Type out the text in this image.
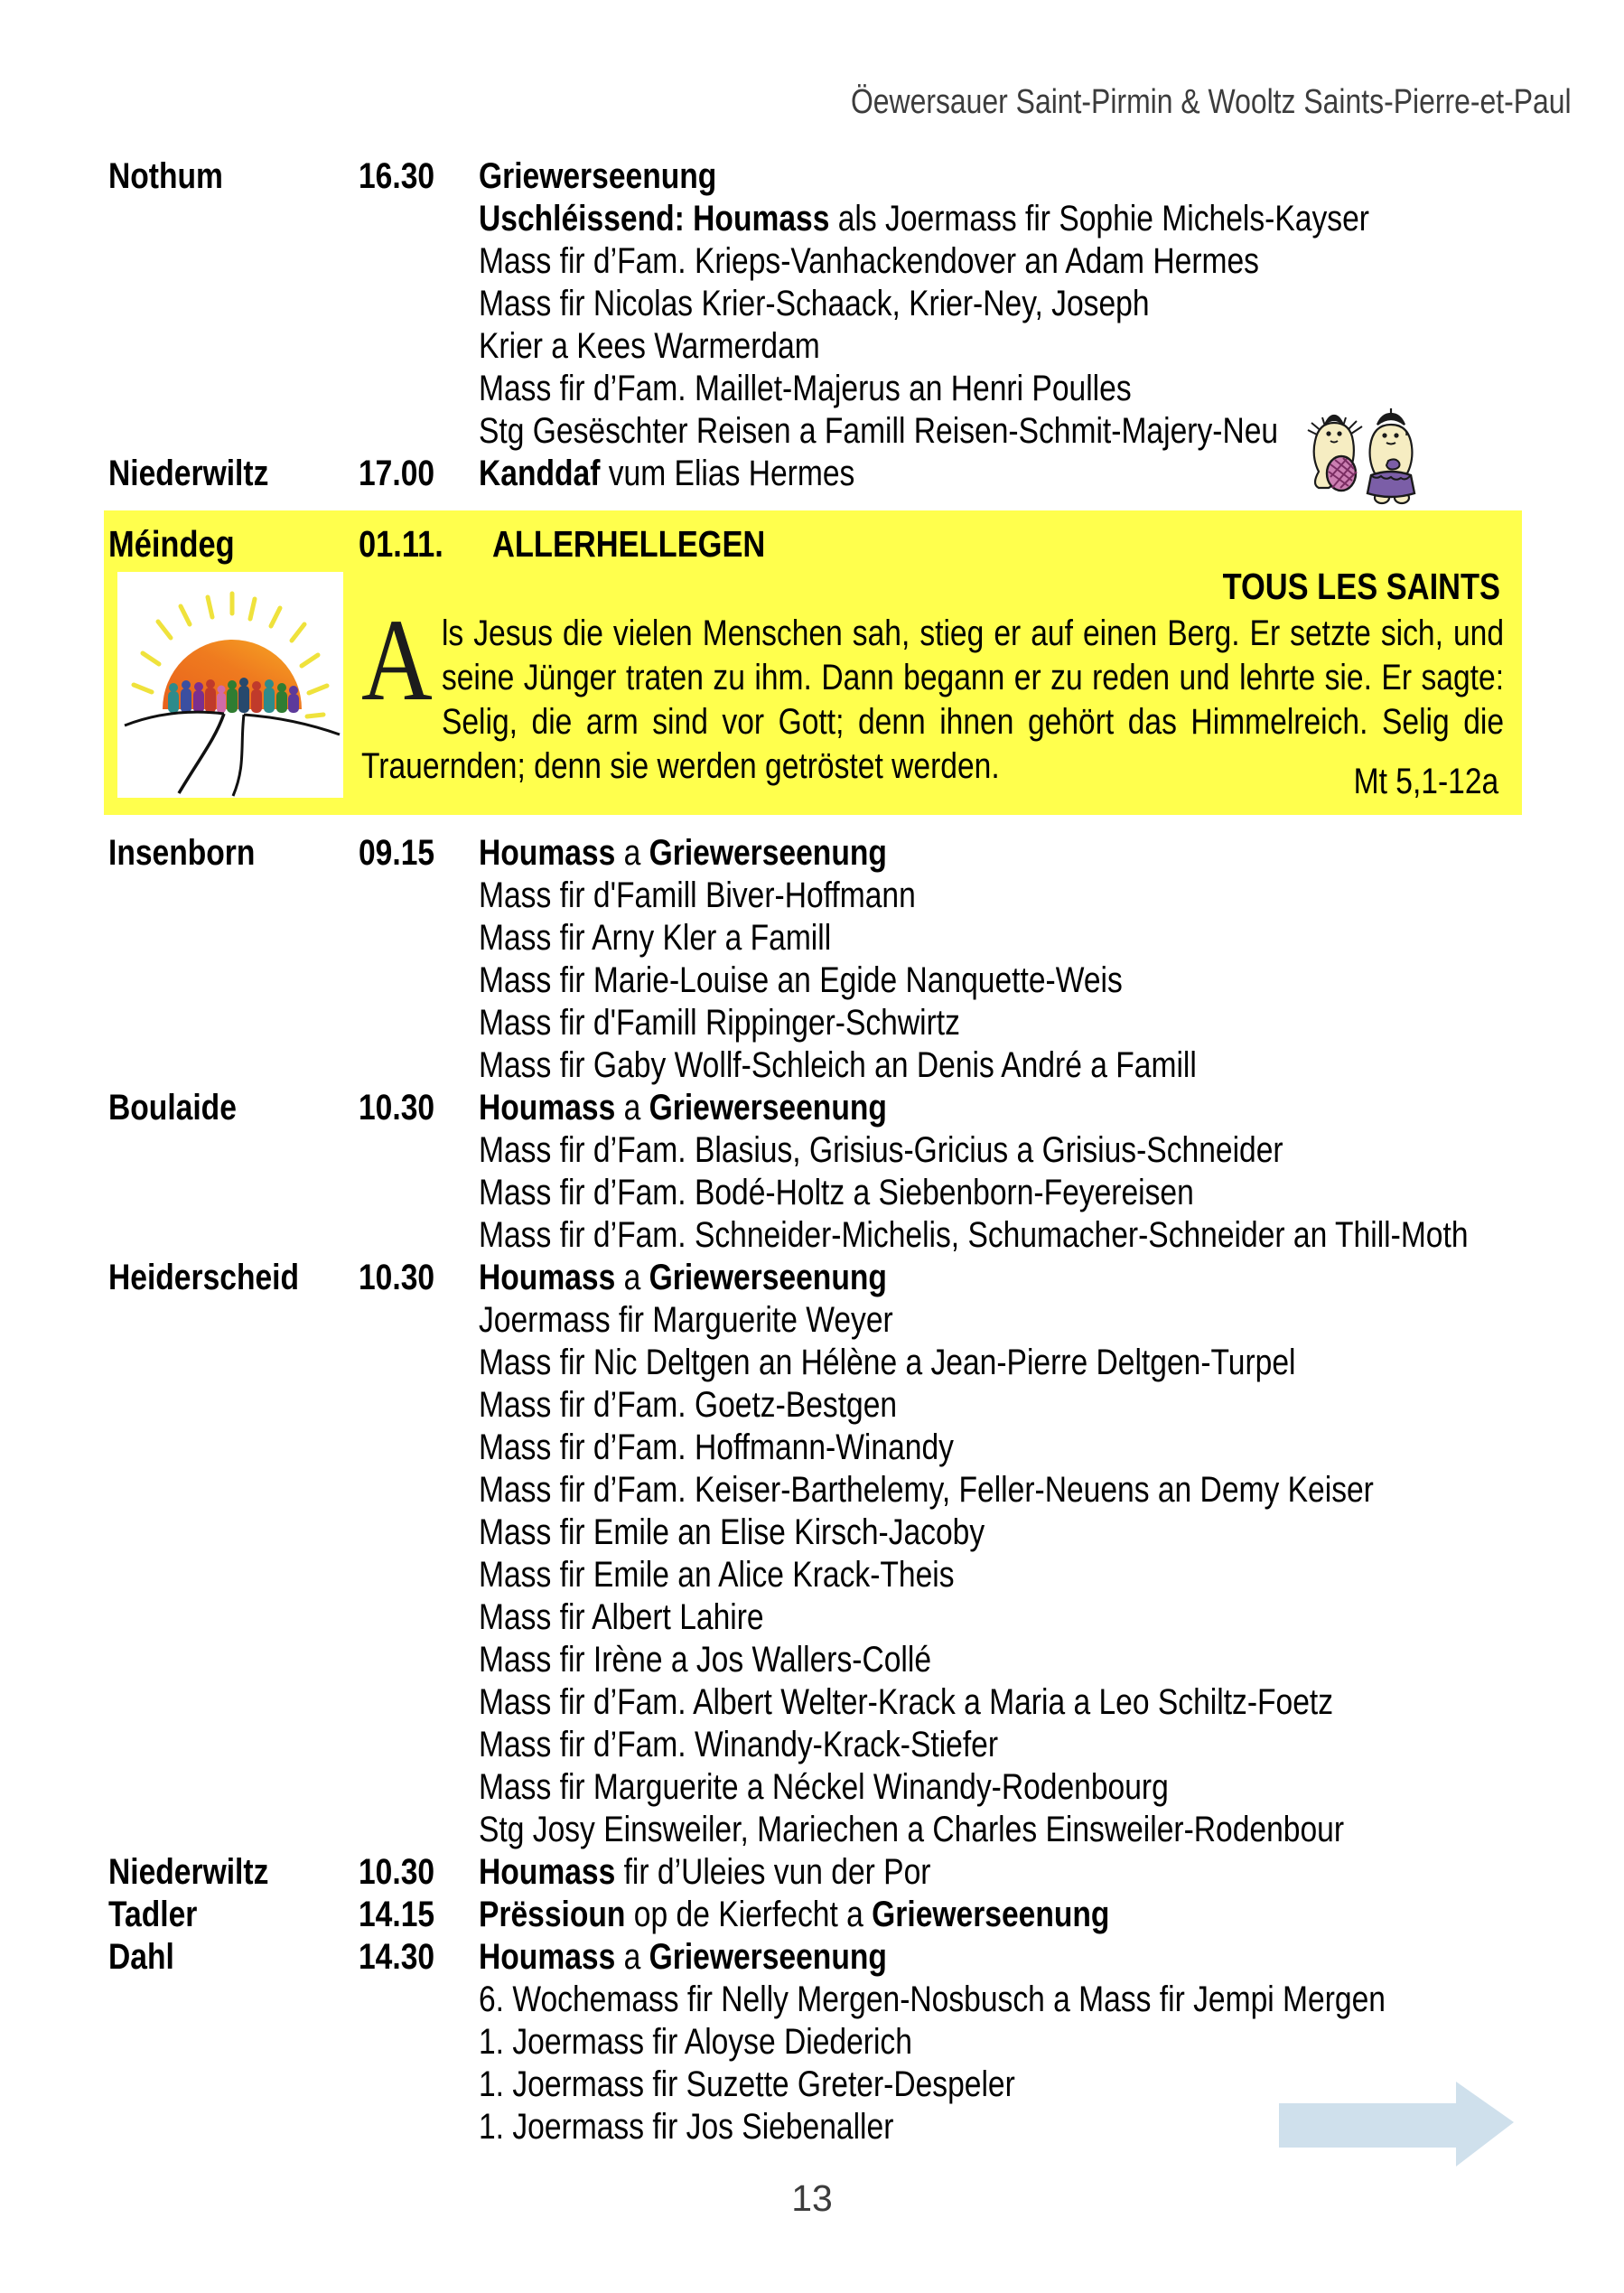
Öewersauer Saint-Pirmin & Wooltz Saints-Pierre-et-Paul
Nothum	16.30	Griewerseenung
Uschléissend: Houmass als Joermass fir Sophie Michels-Kayser
Mass fir d’Fam. Krieps-Vanhackendover an Adam Hermes
Mass fir Nicolas Krier-Schaack, Krier-Ney, Joseph
Krier a Kees Warmerdam
Mass fir d’Fam. Maillet-Majerus an Henri Poulles
Stg Gesëschter Reisen a Famill Reisen-Schmit-Majery-Neu
Niederwiltz	17.00	Kanddaf vum Elias Hermes
Méindeg	01.11.	ALLERHELLEGEN
TOUS LES SAINTS
Als Jesus die vielen Menschen sah, stieg er auf einen Berg. Er setzte sich, und seine Jünger traten zu ihm. Dann begann er zu reden und lehrte sie. Er sagte: Selig, die arm sind vor Gott; denn ihnen gehört das Himmelreich. Selig die Trauernden; denn sie werden getröstet werden.	Mt 5,1-12a
Insenborn	09.15	Houmass a Griewerseenung
Mass fir d'Famill Biver-Hoffmann
Mass fir Arny Kler a Famill
Mass fir Marie-Louise an Egide Nanquette-Weis
Mass fir d'Famill Rippinger-Schwirtz
Mass fir Gaby Wollf-Schleich an Denis André a Famill
Boulaide	10.30	Houmass a Griewerseenung
Mass fir d’Fam. Blasius, Grisius-Gricius a Grisius-Schneider
Mass fir d’Fam. Bodé-Holtz a Siebenborn-Feyereisen
Mass fir d’Fam. Schneider-Michelis, Schumacher-Schneider an Thill-Moth
Heiderscheid	10.30	Houmass a Griewerseenung
Joermass fir Marguerite Weyer
Mass fir Nic Deltgen an Hélène a Jean-Pierre Deltgen-Turpel
Mass fir d’Fam. Goetz-Bestgen
Mass fir d’Fam. Hoffmann-Winandy
Mass fir d’Fam. Keiser-Barthelemy, Feller-Neuens an Demy Keiser
Mass fir Emile an Elise Kirsch-Jacoby
Mass fir Emile an Alice Krack-Theis
Mass fir Albert Lahire
Mass fir Irène a Jos Wallers-Collé
Mass fir d’Fam. Albert Welter-Krack a Maria a Leo Schiltz-Foetz
Mass fir d’Fam. Winandy-Krack-Stiefer
Mass fir Marguerite a Néckel Winandy-Rodenbourg
Stg Josy Einsweiler, Mariechen a Charles Einsweiler-Rodenbour
Niederwiltz	10.30	Houmass fir d’Uleies vun der Por
Tadler	14.15	Prëssioun op de Kierfecht a Griewerseenung
Dahl	14.30	Houmass a Griewerseenung
6. Wochemass fir Nelly Mergen-Nosbusch a Mass fir Jempi Mergen
1. Joermass fir Aloyse Diederich
1. Joermass fir Suzette Greter-Despeler
1. Joermass fir Jos Siebenaller
13
